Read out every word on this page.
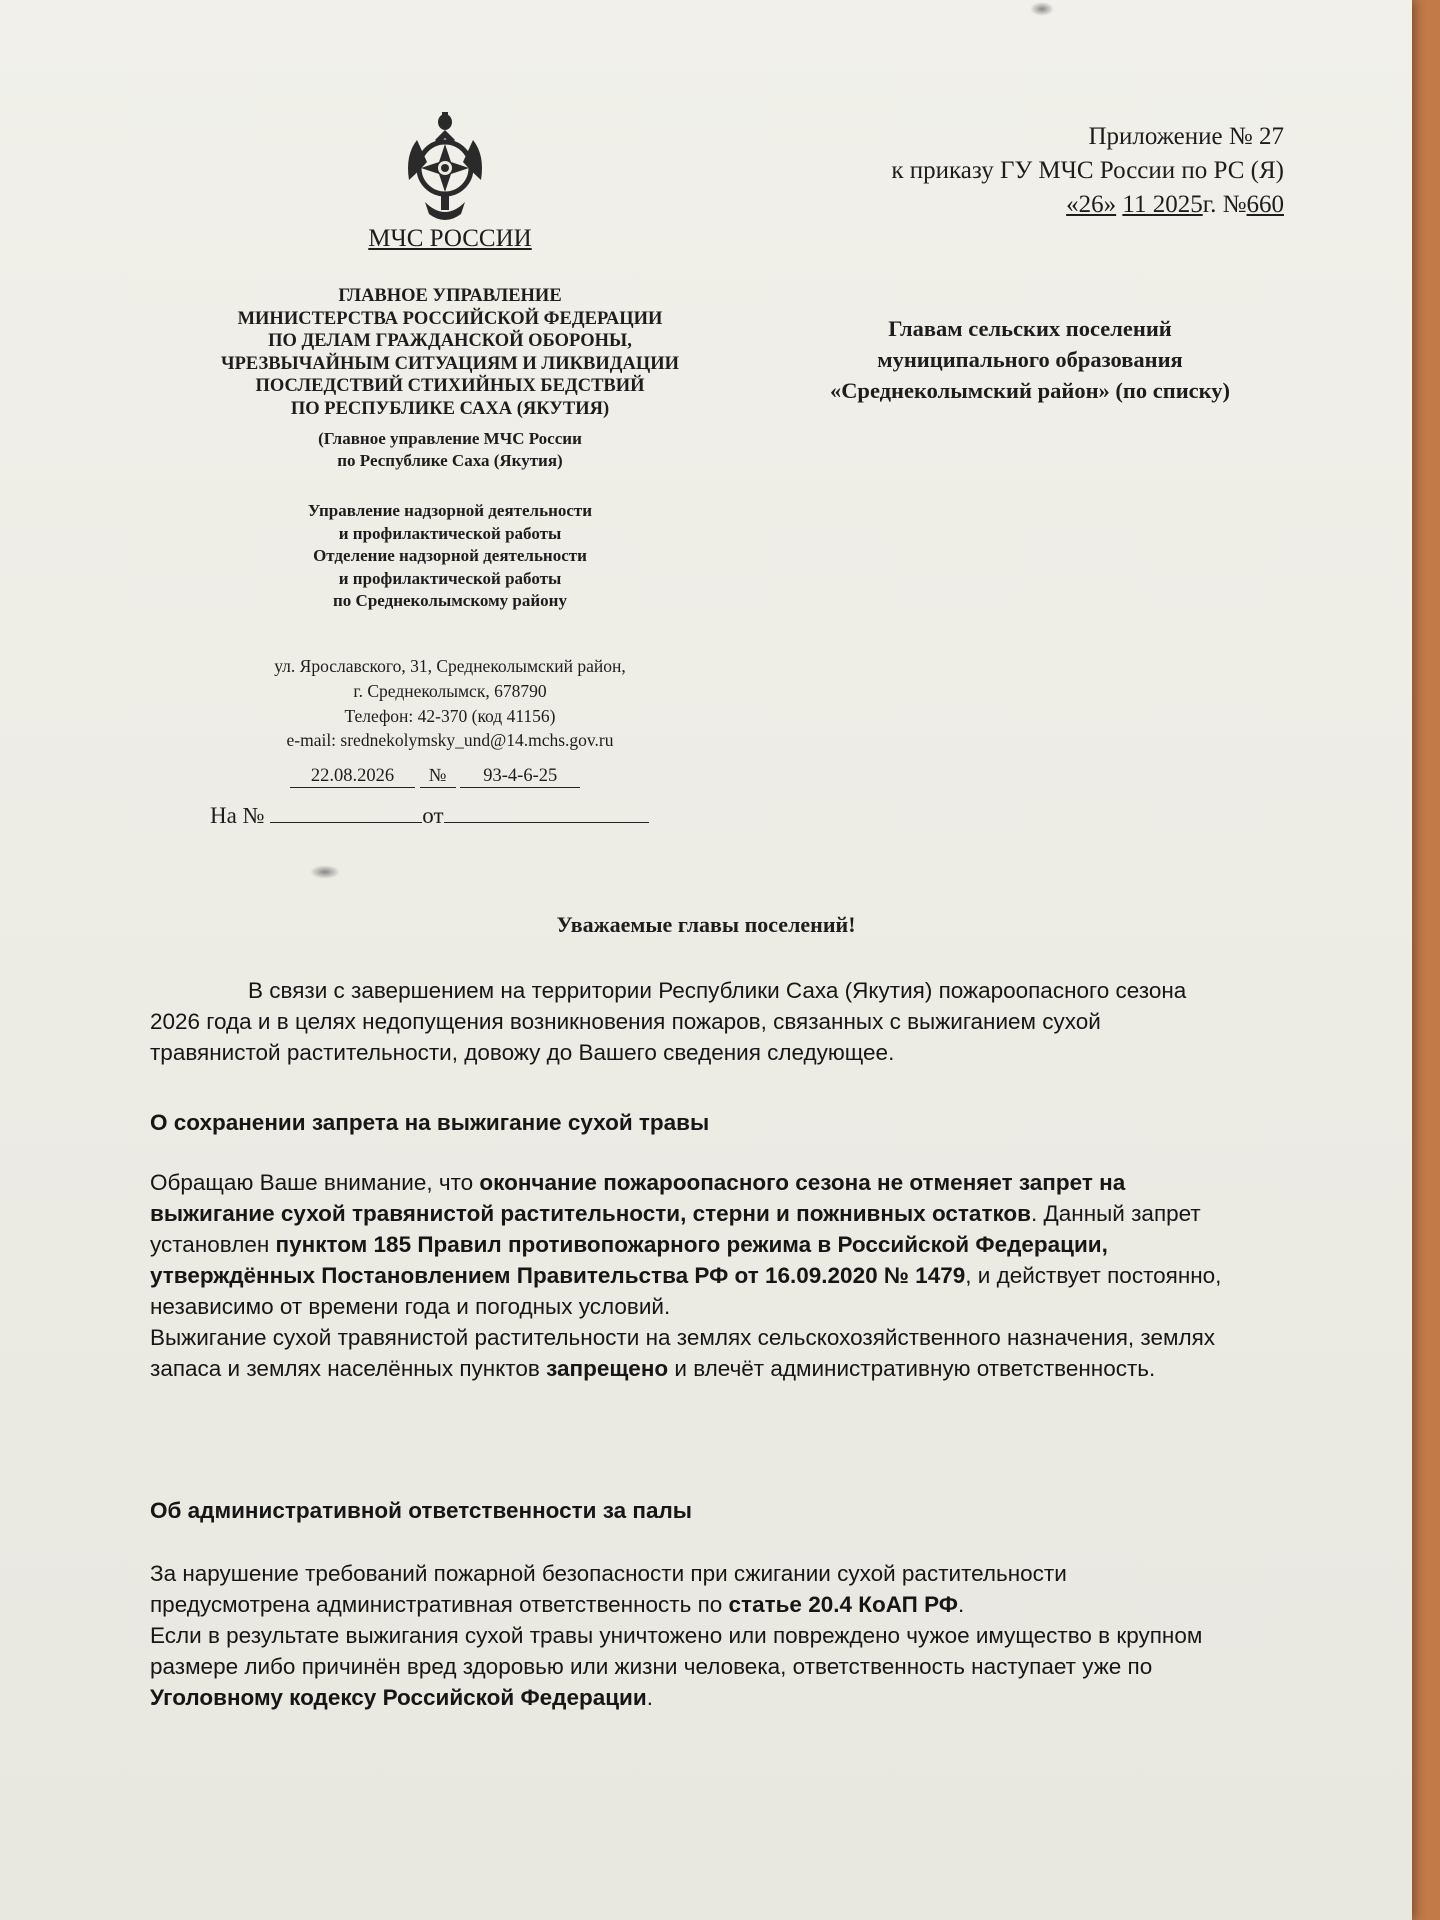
МЧС РОССИИ
ГЛАВНОЕ УПРАВЛЕНИЕ
МИНИСТЕРСТВА РОССИЙСКОЙ ФЕДЕРАЦИИ
ПО ДЕЛАМ ГРАЖДАНСКОЙ ОБОРОНЫ,
ЧРЕЗВЫЧАЙНЫМ СИТУАЦИЯМ И ЛИКВИДАЦИИ
ПОСЛЕДСТВИЙ СТИХИЙНЫХ БЕДСТВИЙ
ПО РЕСПУБЛИКЕ САХА (ЯКУТИЯ)
(Главное управление МЧС России
по Республике Саха (Якутия)
Управление надзорной деятельности
и профилактической работы
Отделение надзорной деятельности
и профилактической работы
по Среднеколымскому району
ул. Ярославского, 31, Среднеколымский район,
г. Среднеколымск, 678790
Телефон: 42-370 (код 41156)
e-mail: srednekolymsky_und@14.mchs.gov.ru
22.08.2026 № 93-4-6-25
На №	от
Приложение № 27
к приказу ГУ МЧС России по РС (Я)
«26» 11 2025г. №660
Главам сельских поселений
муниципального образования
«Среднеколымский район» (по списку)
Уважаемые главы поселений!
В связи с завершением на территории Республики Саха (Якутия) пожароопасного сезона 2026 года и в целях недопущения возникновения пожаров, связанных с выжиганием сухой травянистой растительности, довожу до Вашего сведения следующее.
О сохранении запрета на выжигание сухой травы
Обращаю Ваше внимание, что окончание пожароопасного сезона не отменяет запрет на выжигание сухой травянистой растительности, стерни и пожнивных остатков. Данный запрет установлен пунктом 185 Правил противопожарного режима в Российской Федерации, утверждённых Постановлением Правительства РФ от 16.09.2020 № 1479, и действует постоянно, независимо от времени года и погодных условий.
Выжигание сухой травянистой растительности на землях сельскохозяйственного назначения, землях запаса и землях населённых пунктов запрещено и влечёт административную ответственность.
Об административной ответственности за палы
За нарушение требований пожарной безопасности при сжигании сухой растительности предусмотрена административная ответственность по статье 20.4 КоАП РФ.
Если в результате выжигания сухой травы уничтожено или повреждено чужое имущество в крупном размере либо причинён вред здоровью или жизни человека, ответственность наступает уже по Уголовному кодексу Российской Федерации.
